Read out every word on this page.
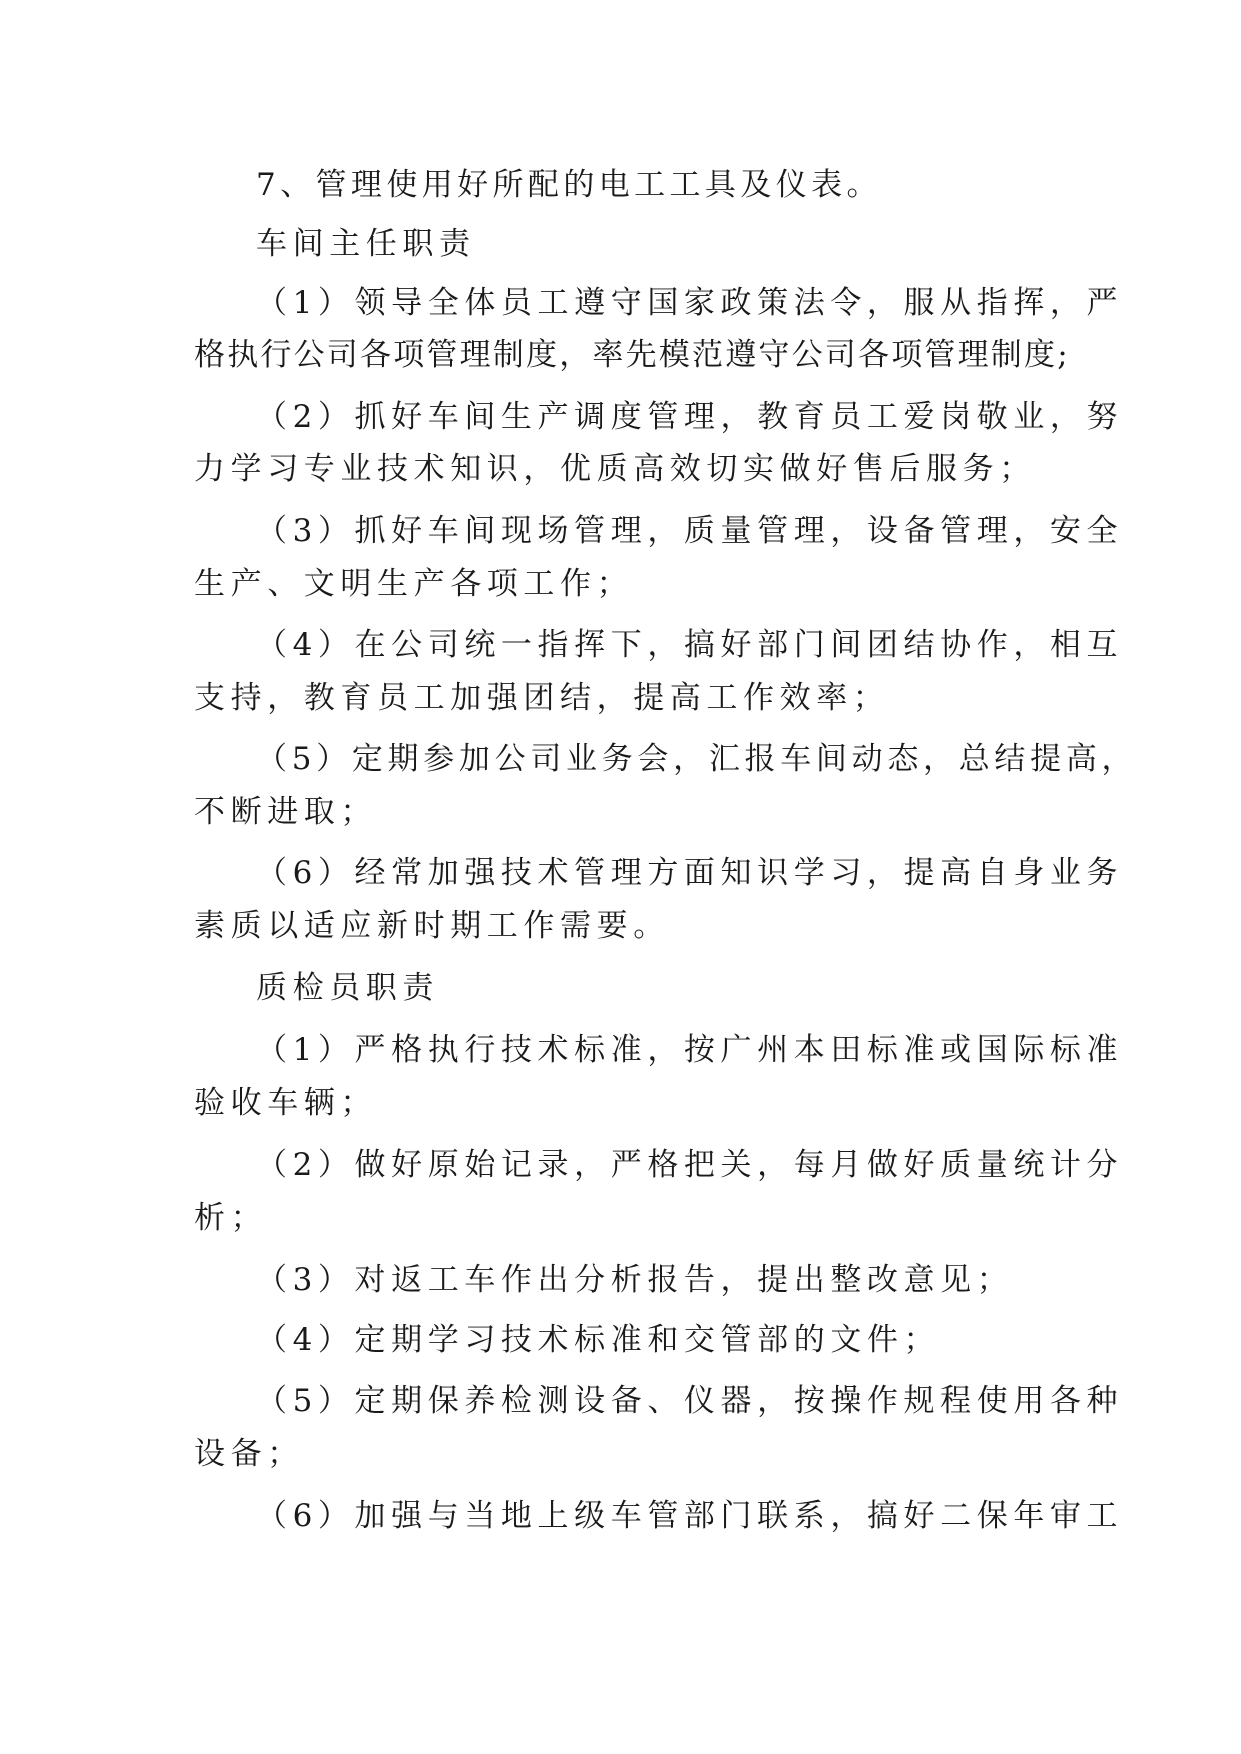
7、管理使用好所配的电工工具及仪表。

车间主任职责

（1）领导全体员工遵守国家政策法令，服从指挥，严

格执行公司各项管理制度，率先模范遵守公司各项管理制度;

（2）抓好车间生产调度管理，教育员工爱岗敬业，努

力学习专业技术知识，优质高效切实做好售后服务；

（3）抓好车间现场管理，质量管理，设备管理，安全

生产、文明生产各项工作；

（4）在公司统一指挥下，搞好部门间团结协作，相互

支持，教育员工加强团结，提高工作效率；

（5）定期参加公司业务会，汇报车间动态，总结提高，

不断进取；

（6）经常加强技术管理方面知识学习，提高自身业务

素质以适应新时期工作需要。

质检员职责

（1）严格执行技术标准，按广州本田标准或国际标准

验收车辆；

（2）做好原始记录，严格把关，每月做好质量统计分

析；

（3）对返工车作出分析报告，提出整改意见；

（4）定期学习技术标准和交管部的文件；

（5）定期保养检测设备、仪器，按操作规程使用各种

设备；

（6）加强与当地上级车管部门联系，搞好二保年审工
